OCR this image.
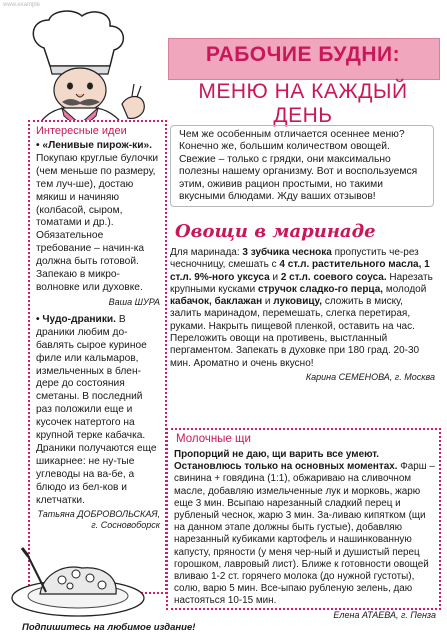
www.example
РАБОЧИЕ БУДНИ:
МЕНЮ НА КАЖДЫЙ ДЕНЬ
Интересные идеи

• «Ленивые пирож-ки». Покупаю круглые булочки (чем меньше по размеру, тем луч-ше), достаю мякиш и начиняю (колбасой, сыром, томатами и др.). Обязательное требование – начин-ка должна быть готовой. Запекаю в микро-волновке или духовке.

Ваша ШУРА

• Чудо-драники. В драники любим до-бавлять сырое куриное филе или кальмаров, измельченных в блен-дере до состояния сметаны. В последний раз положили еще и кусочек натертого на крупной терке кабачка. Драники получаются еще шикарнее: не ну-тые углеводы на ва-бе, а блюдо из бел-ков и клетчатки.

Татьяна ДОБРОВОЛЬСКАЯ,
г. Сосновоборск

Чем же особенным отличается осеннее меню? Конечно же, большим количеством овощей. Свежие – только с грядки, они максимально полезны нашему организму. Вот и воспользуемся этим, оживив рацион простыми, но такими вкусными блюдами. Жду ваших отзывов!
Овощи в маринаде

Для маринада: 3 зубчика чеснока пропустить че-рез чесночницу, смешать с 4 ст.л. растительного масла, 1 ст.л. 9%-ного уксуса и 2 ст.л. соевого соуса. Нарезать крупными кусками стручок сладко-го перца, молодой кабачок, баклажан и луковицу, сложить в миску, залить маринадом, перемешать, слегка перетирая, руками. Накрыть пищевой пленкой, оставить на час. Переложить овощи на противень, выстланный пергаментом. Запекать в духовке при 180 град. 20-30 мин. Ароматно и очень вкусно!

Карина СЕМЕНОВА, г. Москва

Молочные щи

Пропорций не даю, щи варить все умеют. Остановлюсь только на основных моментах. Фарш – свинина + говядина (1:1), обжариваю на сливочном масле, добавляю измельченные лук и морковь, жарю еще 3 мин. Всыпаю нарезанный сладкий перец и рубленый чеснок, жарю 3 мин. За-ливаю кипятком (щи на данном этапе должны быть густые), добавляю нарезанный кубиками картофель и нашинкованную капусту, пряности (у меня чер-ный и душистый перец горошком, лавровый лист). Ближе к готовности овощей вливаю 1-2 ст. горячего молока (до нужной густоты), солю, варю 5 мин. Все-ыпаю рубленую зелень, даю настояться 10-15 мин.

Елена АТАЕВА, г. Пенза

Подпишитесь на любимое издание!
